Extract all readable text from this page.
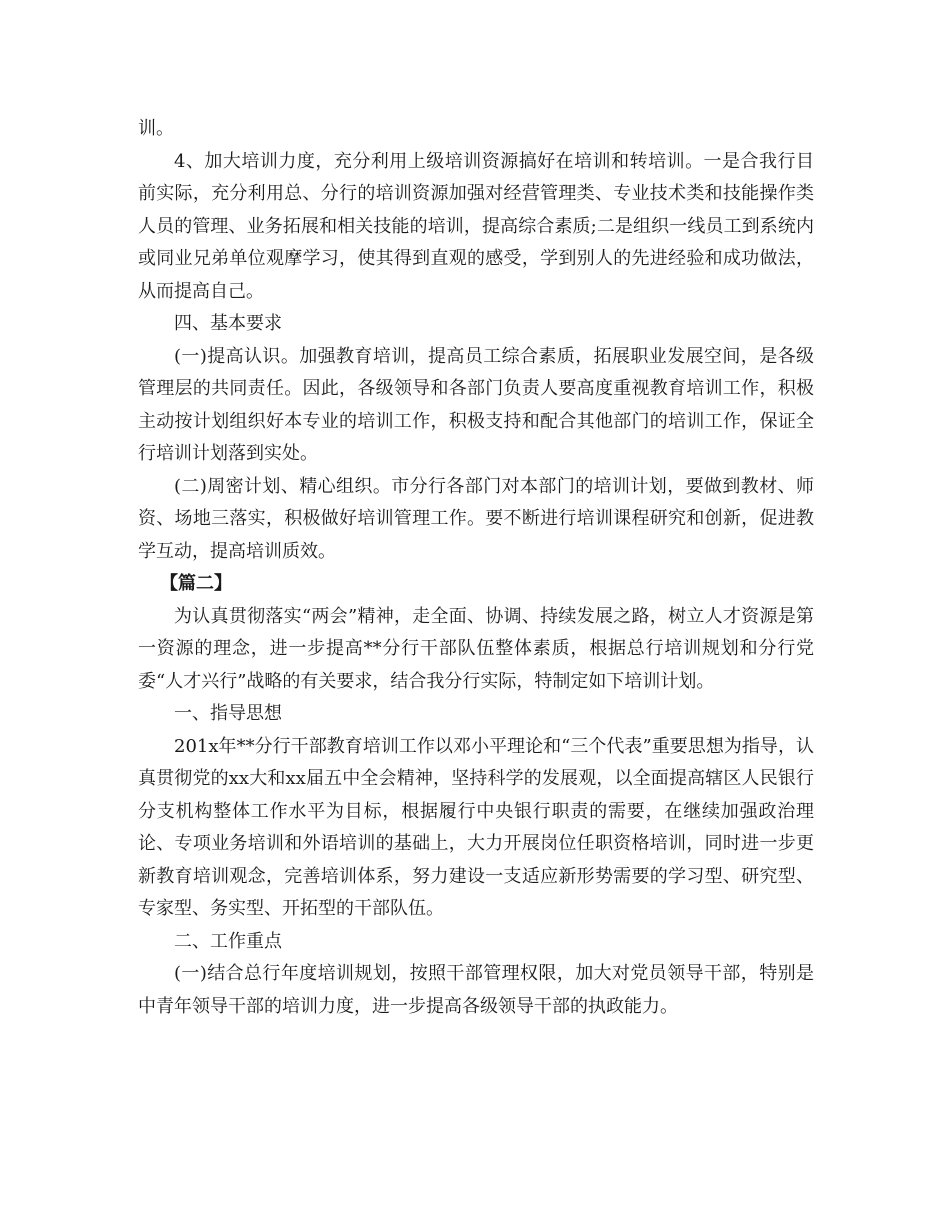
训。

4、加大培训力度，充分利用上级培训资源搞好在培训和转培训。一是合我行目前实际，充分利用总、分行的培训资源加强对经营管理类、专业技术类和技能操作类人员的管理、业务拓展和相关技能的培训，提高综合素质;二是组织一线员工到系统内或同业兄弟单位观摩学习，使其得到直观的感受，学到别人的先进经验和成功做法，从而提高自己。

四、基本要求

(一)提高认识。加强教育培训，提高员工综合素质，拓展职业发展空间，是各级管理层的共同责任。因此，各级领导和各部门负责人要高度重视教育培训工作，积极主动按计划组织好本专业的培训工作，积极支持和配合其他部门的培训工作，保证全行培训计划落到实处。

(二)周密计划、精心组织。市分行各部门对本部门的培训计划，要做到教材、师资、场地三落实，积极做好培训管理工作。要不断进行培训课程研究和创新，促进教学互动，提高培训质效。

【篇二】

为认真贯彻落实“两会”精神，走全面、协调、持续发展之路，树立人才资源是第一资源的理念，进一步提高**分行干部队伍整体素质，根据总行培训规划和分行党委“人才兴行”战略的有关要求，结合我分行实际，特制定如下培训计划。

一、指导思想

201x年**分行干部教育培训工作以邓小平理论和“三个代表”重要思想为指导，认真贯彻党的xx大和xx届五中全会精神，坚持科学的发展观，以全面提高辖区人民银行分支机构整体工作水平为目标，根据履行中央银行职责的需要，在继续加强政治理论、专项业务培训和外语培训的基础上，大力开展岗位任职资格培训，同时进一步更新教育培训观念，完善培训体系，努力建设一支适应新形势需要的学习型、研究型、专家型、务实型、开拓型的干部队伍。

二、工作重点

(一)结合总行年度培训规划，按照干部管理权限，加大对党员领导干部，特别是中青年领导干部的培训力度，进一步提高各级领导干部的执政能力。
